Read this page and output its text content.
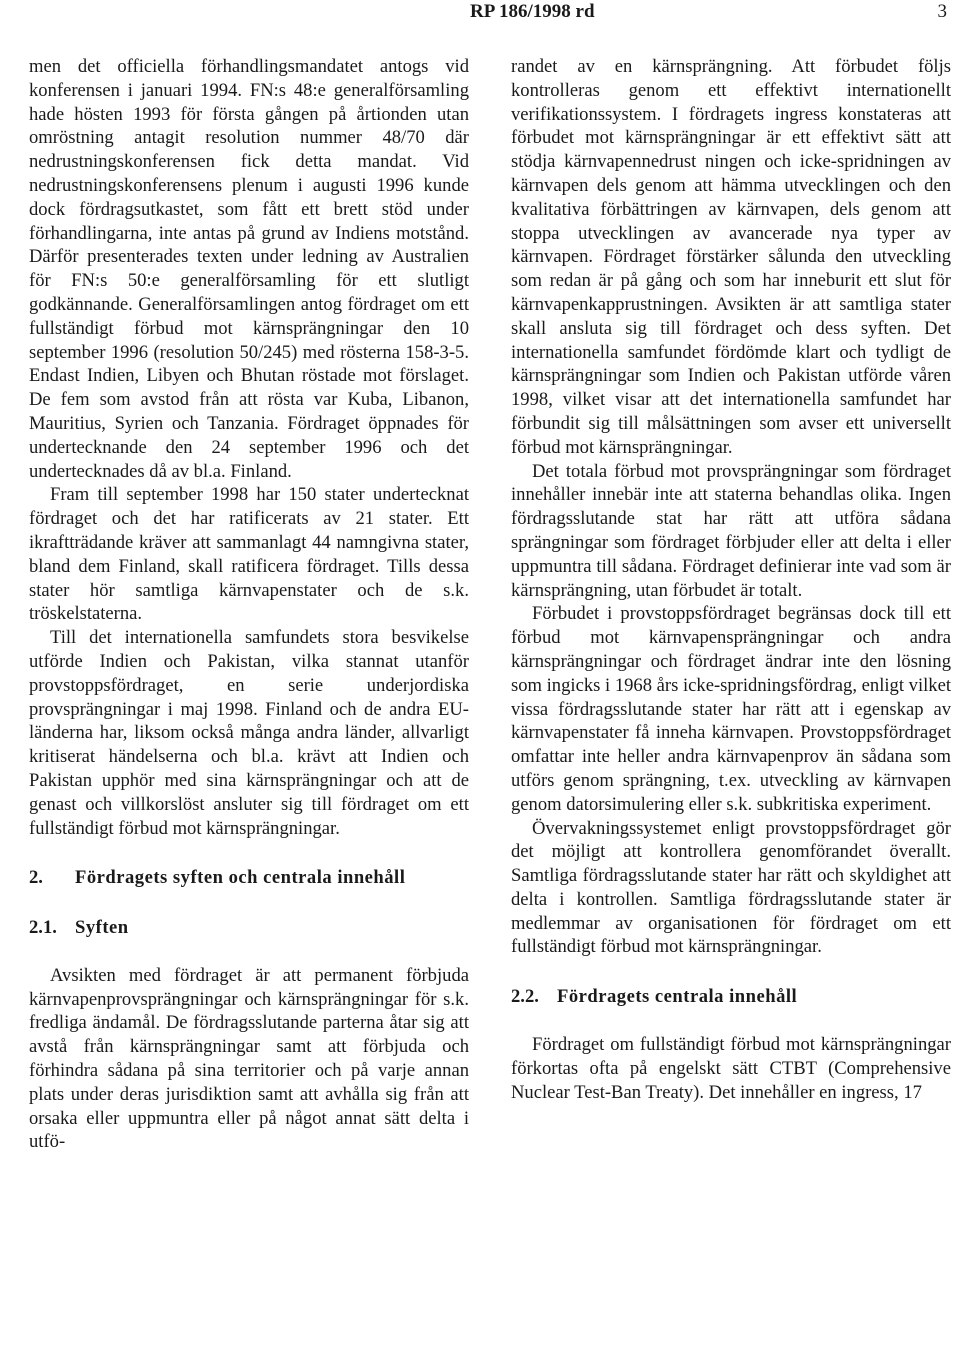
RP 186/1998 rd	3

men det officiella förhandlingsmandatet antogs vid konferensen i januari 1994. FN:s 48:e generalförsamling hade hösten 1993 för första gången på årtionden utan omröstning antagit resolution nummer 48/70 där nedrustningskonferensen fick detta mandat. Vid nedrustningskonferensens plenum i augusti 1996 kunde dock fördragsutkastet, som fått ett brett stöd under förhandlingarna, inte antas på grund av Indiens motstånd. Därför presenterades texten under ledning av Australien för FN:s 50:e generalförsamling för ett slutligt godkännande. Generalförsamlingen antog fördraget om ett fullständigt förbud mot kärnsprängningar den 10 september 1996 (resolution 50/245) med rösterna 158-3-5. Endast Indien, Libyen och Bhutan röstade mot förslaget. De fem som avstod från att rösta var Kuba, Libanon, Mauritius, Syrien och Tanzania. Fördraget öppnades för undertecknande den 24 september 1996 och det undertecknades då av bl.a. Finland.

Fram till september 1998 har 150 stater undertecknat fördraget och det har ratificerats av 21 stater. Ett ikraftträdande kräver att sammanlagt 44 namngivna stater, bland dem Finland, skall ratificera fördraget. Tills dessa stater hör samtliga kärnvapenstater och de s.k. tröskelstaterna.

Till det internationella samfundets stora besvikelse utförde Indien och Pakistan, vilka stannat utanför provstoppsfördraget, en serie underjordiska provsprängningar i maj 1998. Finland och de andra EU-länderna har, liksom också många andra länder, allvarligt kritiserat händelserna och bl.a. krävt att Indien och Pakistan upphör med sina kärnsprängningar och att de genast och villkorslöst ansluter sig till fördraget om ett fullständigt förbud mot kärnsprängningar.

2. Fördragets syften och centrala innehåll

2.1. Syften

Avsikten med fördraget är att permanent förbjuda kärnvapenprovsprängningar och kärnsprängningar för s.k. fredliga ändamål. De fördragsslutande parterna åtar sig att avstå från kärnsprängningar samt att förbjuda och förhindra sådana på sina territorier och på varje annan plats under deras jurisdiktion samt att avhålla sig från att orsaka eller uppmuntra eller på något annat sätt delta i utfö-

randet av en kärnsprängning. Att förbudet följs kontrolleras genom ett effektivt internationellt verifikationssystem. I fördragets ingress konstateras att förbudet mot kärnsprängningar är ett effektivt sätt att stödja kärnvapennedrust ningen och icke-spridningen av kärnvapen dels genom att hämma utvecklingen och den kvalitativa förbättringen av kärnvapen, dels genom att stoppa utvecklingen av avancerade nya typer av kärnvapen. Fördraget förstärker sålunda den utveckling som redan är på gång och som har inneburit ett slut för kärnvapenkapprustningen. Avsikten är att samtliga stater skall ansluta sig till fördraget och dess syften. Det internationella samfundet fördömde klart och tydligt de kärnsprängningar som Indien och Pakistan utförde våren 1998, vilket visar att det internationella samfundet har förbundit sig till målsättningen som avser ett universellt förbud mot kärnsprängningar.

Det totala förbud mot provsprängningar som fördraget innehåller innebär inte att staterna behandlas olika. Ingen fördragsslutande stat har rätt att utföra sådana sprängningar som fördraget förbjuder eller att delta i eller uppmuntra till sådana. Fördraget definierar inte vad som är kärnsprängning, utan förbudet är totalt.

Förbudet i provstoppsfördraget begränsas dock till ett förbud mot kärnvapensprängningar och andra kärnsprängningar och fördraget ändrar inte den lösning som ingicks i 1968 års icke-spridningsfördrag, enligt vilket vissa fördragsslutande stater har rätt att i egenskap av kärnvapenstater få inneha kärnvapen. Provstoppsfördraget omfattar inte heller andra kärnvapenprov än sådana som utförs genom sprängning, t.ex. utveckling av kärnvapen genom datorsimulering eller s.k. subkritiska experiment.

Övervakningssystemet enligt provstoppsfördraget gör det möjligt att kontrollera genomförandet överallt. Samtliga fördragsslutande stater har rätt och skyldighet att delta i kontrollen. Samtliga fördragsslutande stater är medlemmar av organisationen för fördraget om ett fullständigt förbud mot kärnsprängningar.

2.2. Fördragets centrala innehåll

Fördraget om fullständigt förbud mot kärnsprängningar förkortas ofta på engelskt sätt CTBT (Comprehensive Nuclear Test-Ban Treaty). Det innehåller en ingress, 17
